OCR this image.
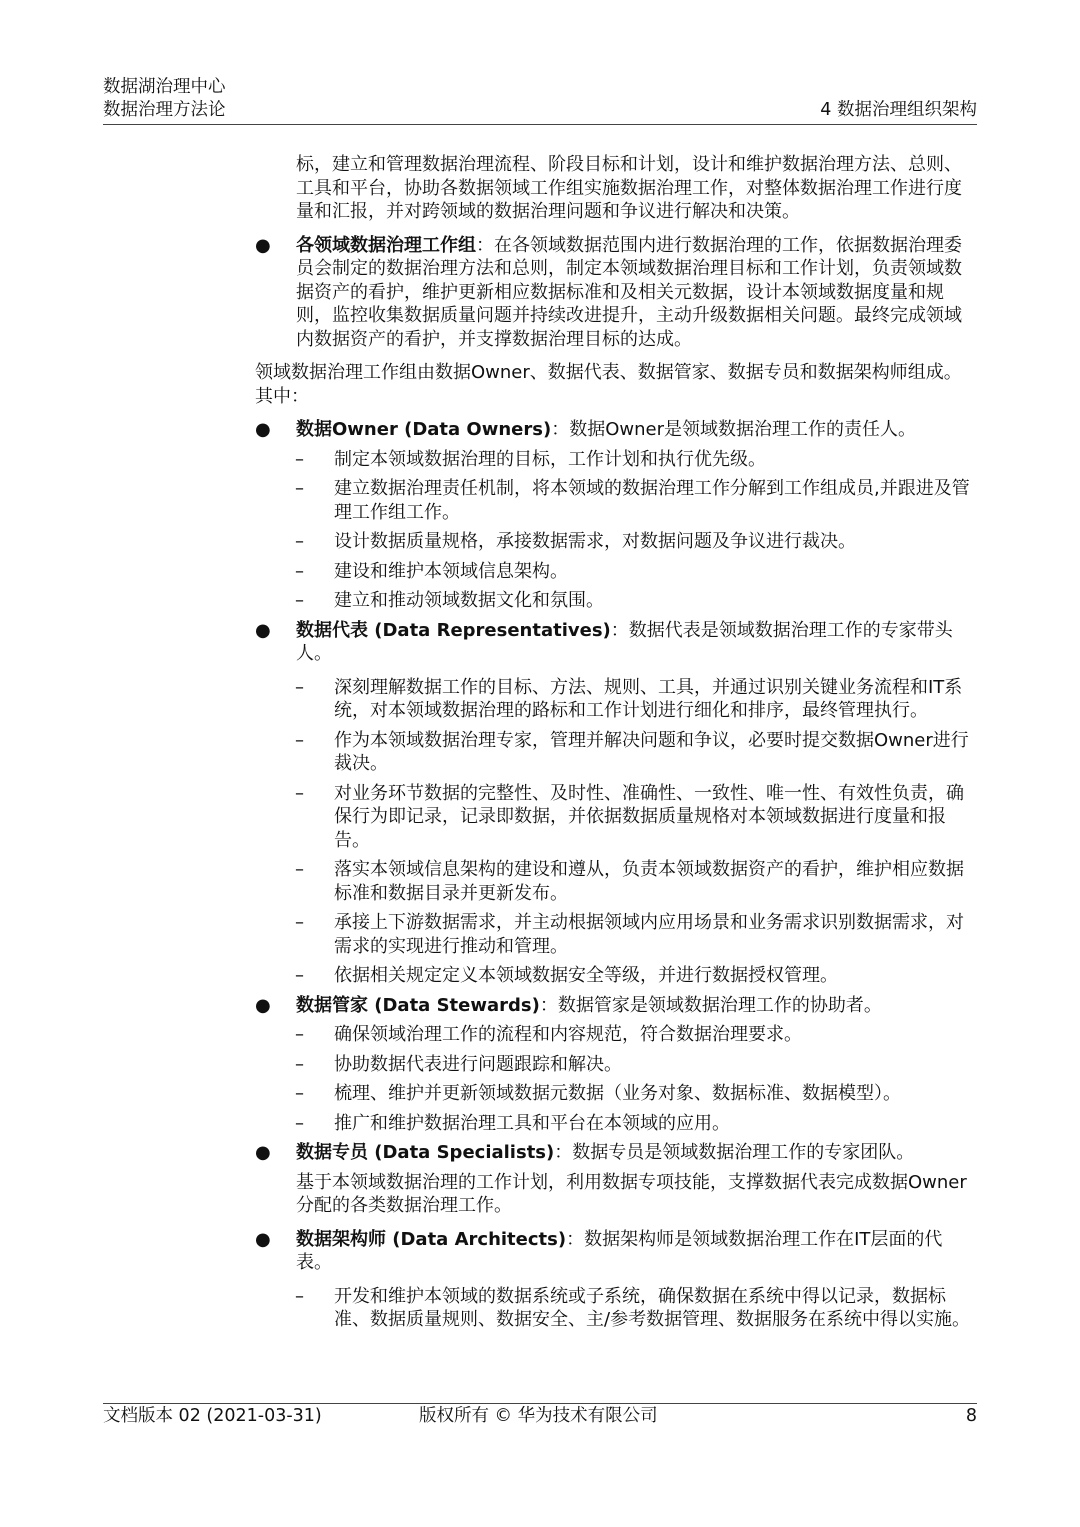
数据湖治理中心
数据治理方法论	4 数据治理组织架构

标，建立和管理数据治理流程、阶段目标和计划，设计和维护数据治理方法、总则、工具和平台，协助各数据领域工作组实施数据治理工作，对整体数据治理工作进行度量和汇报，并对跨领域的数据治理问题和争议进行解决和决策。

● 各领域数据治理工作组：在各领域数据范围内进行数据治理的工作，依据数据治理委员会制定的数据治理方法和总则，制定本领域数据治理目标和工作计划，负责领域数据资产的看护，维护更新相应数据标准和及相关元数据，设计本领域数据度量和规则，监控收集数据质量问题并持续改进提升，主动升级数据相关问题。最终完成领域内数据资产的看护，并支撑数据治理目标的达成。

领域数据治理工作组由数据Owner、数据代表、数据管家、数据专员和数据架构师组成。其中：

● 数据Owner (Data Owners)：数据Owner是领域数据治理工作的责任人。
– 制定本领域数据治理的目标，工作计划和执行优先级。
– 建立数据治理责任机制，将本领域的数据治理工作分解到工作组成员,并跟进及管理工作组工作。
– 设计数据质量规格，承接数据需求，对数据问题及争议进行裁决。
– 建设和维护本领域信息架构。
– 建立和推动领域数据文化和氛围。
● 数据代表 (Data Representatives)：数据代表是领域数据治理工作的专家带头人。
– 深刻理解数据工作的目标、方法、规则、工具，并通过识别关键业务流程和IT系统，对本领域数据治理的路标和工作计划进行细化和排序，最终管理执行。
– 作为本领域数据治理专家，管理并解决问题和争议，必要时提交数据Owner进行裁决。
– 对业务环节数据的完整性、及时性、准确性、一致性、唯一性、有效性负责，确保行为即记录，记录即数据，并依据数据质量规格对本领域数据进行度量和报告。
– 落实本领域信息架构的建设和遵从，负责本领域数据资产的看护，维护相应数据标准和数据目录并更新发布。
– 承接上下游数据需求，并主动根据领域内应用场景和业务需求识别数据需求，对需求的实现进行推动和管理。
– 依据相关规定定义本领域数据安全等级，并进行数据授权管理。
● 数据管家 (Data Stewards)：数据管家是领域数据治理工作的协助者。
– 确保领域治理工作的流程和内容规范，符合数据治理要求。
– 协助数据代表进行问题跟踪和解决。
– 梳理、维护并更新领域数据元数据（业务对象、数据标准、数据模型）。
– 推广和维护数据治理工具和平台在本领域的应用。
● 数据专员 (Data Specialists)：数据专员是领域数据治理工作的专家团队。

基于本领域数据治理的工作计划，利用数据专项技能，支撑数据代表完成数据Owner分配的各类数据治理工作。

● 数据架构师 (Data Architects)：数据架构师是领域数据治理工作在IT层面的代表。
– 开发和维护本领域的数据系统或子系统，确保数据在系统中得以记录，数据标准、数据质量规则、数据安全、主/参考数据管理、数据服务在系统中得以实施。
文档版本 02 (2021-03-31)	版权所有 © 华为技术有限公司	8
